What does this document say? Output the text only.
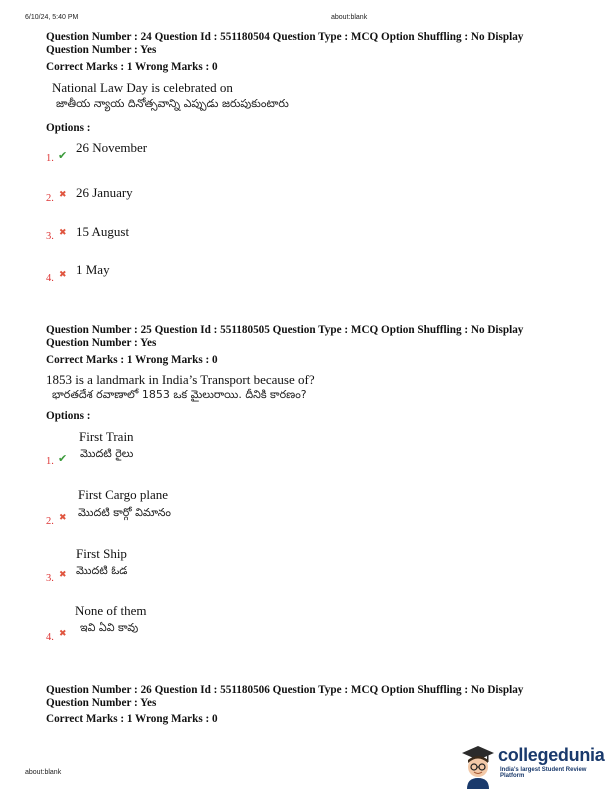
6/10/24, 5:40 PM	about:blank
Question Number : 24 Question Id : 551180504 Question Type : MCQ Option Shuffling : No Display
Question Number : Yes
Correct Marks : 1 Wrong Marks : 0
National Law Day is celebrated on
జాతీయ న్యాయ దినోత్సవాన్ని ఎప్పుడు జరుపుకుంటారు
Options :
1. ✔
26 November
2. ✖ 26 January
3. ✖ 15 August
4. ✖ 1 May
Question Number : 25 Question Id : 551180505 Question Type : MCQ Option Shuffling : No Display
Question Number : Yes
Correct Marks : 1 Wrong Marks : 0
1853 is a landmark in India’s Transport because of?
భారతదేశ రవాణాలో 1853 ఒక మైలురాయి. దీనికి కారణం?
Options :
First Train
1. ✔ మొదటి రైలు
First Cargo plane
2. ✖ మొదటి కార్గో విమానం
First Ship
3. ✖ మొదటి ఓడ
None of them
4. ✖ ఇవి ఏవి కావు
Question Number : 26 Question Id : 551180506 Question Type : MCQ Option Shuffling : No Display
Question Number : Yes
Correct Marks : 1 Wrong Marks : 0
about:blank
collegedunia
India's largest Student Review Platform
